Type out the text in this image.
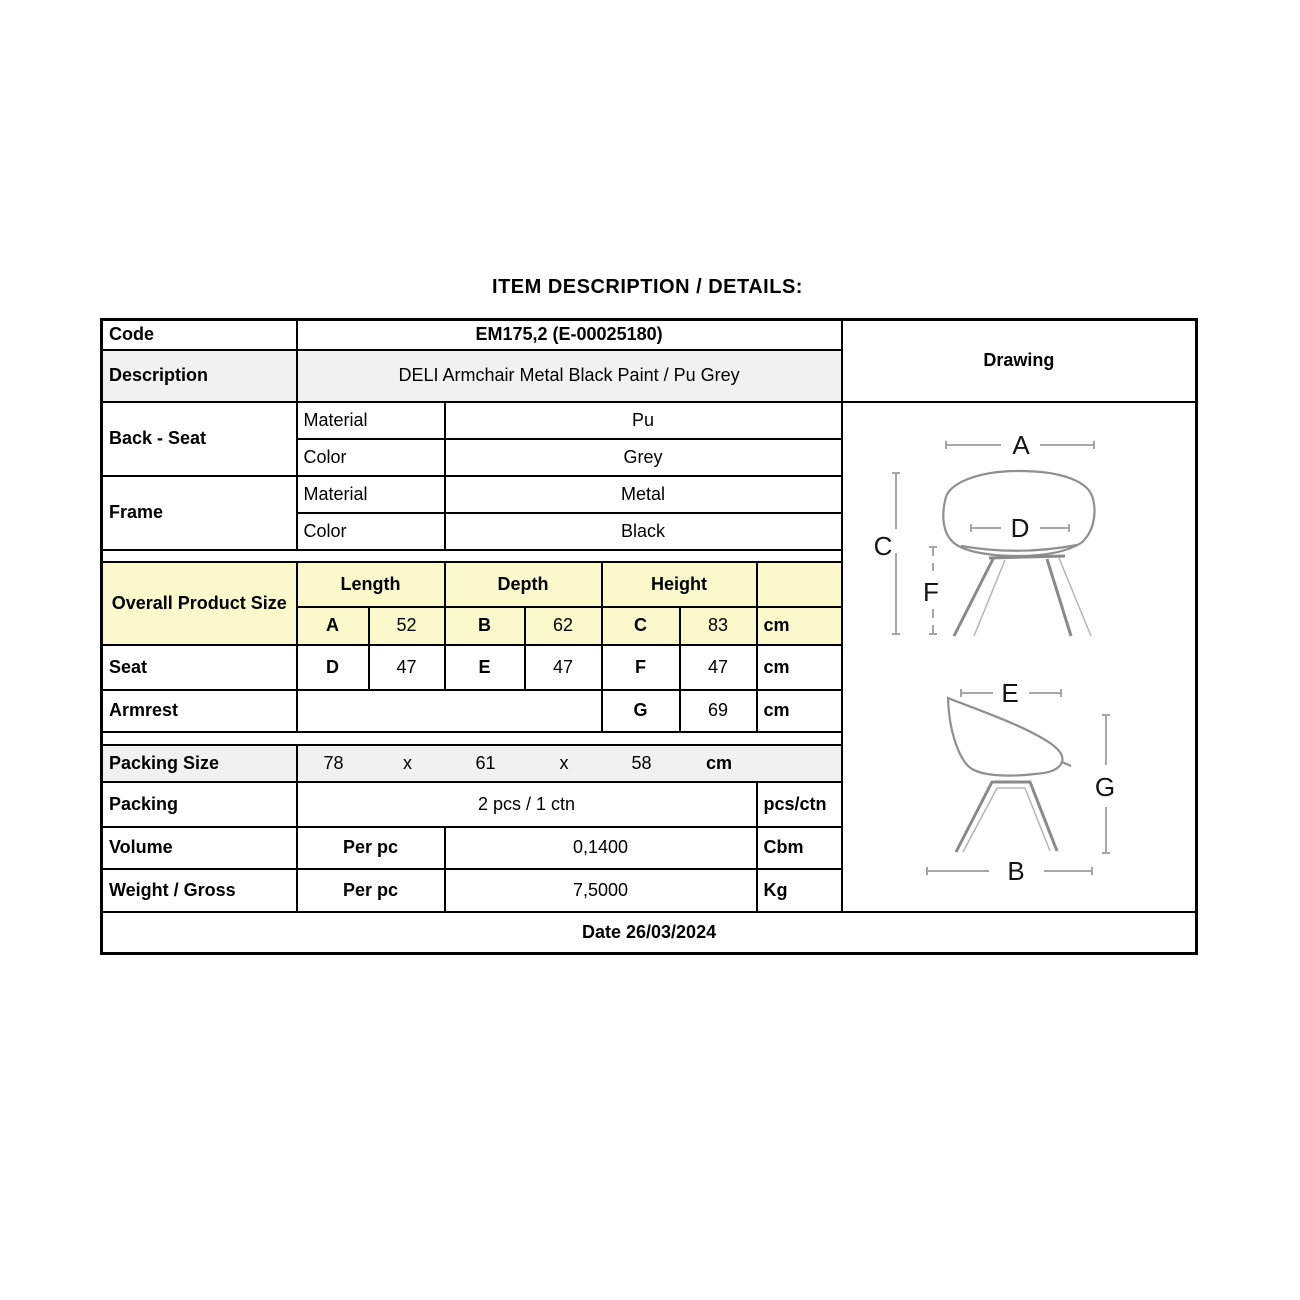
ITEM DESCRIPTION / DETAILS:
Code	EM175,2 (E-00025180)							Drawing
Description	DELI Armchair Metal Black Paint / Pu Grey							
Back - Seat	Material	Pu	
A
C
F
D
E
G
B

	Color		Grey					
Frame	Material		Metal					
	Color		Black					

Overall Product Size	Length		Depth		Height			
	A	52	B	62	C	83	cm	
Seat	D	47	E	47	F	47	cm	
Armrest					G	69	cm	

Packing Size	78	x	61	x	58	cm

Packing	2 pcs / 1 ctn						pcs/ctn	
Volume	Per pc		0,1400				Cbm	
Weight / Gross	Per pc		7,5000				Kg	
Date 26/03/2024								
